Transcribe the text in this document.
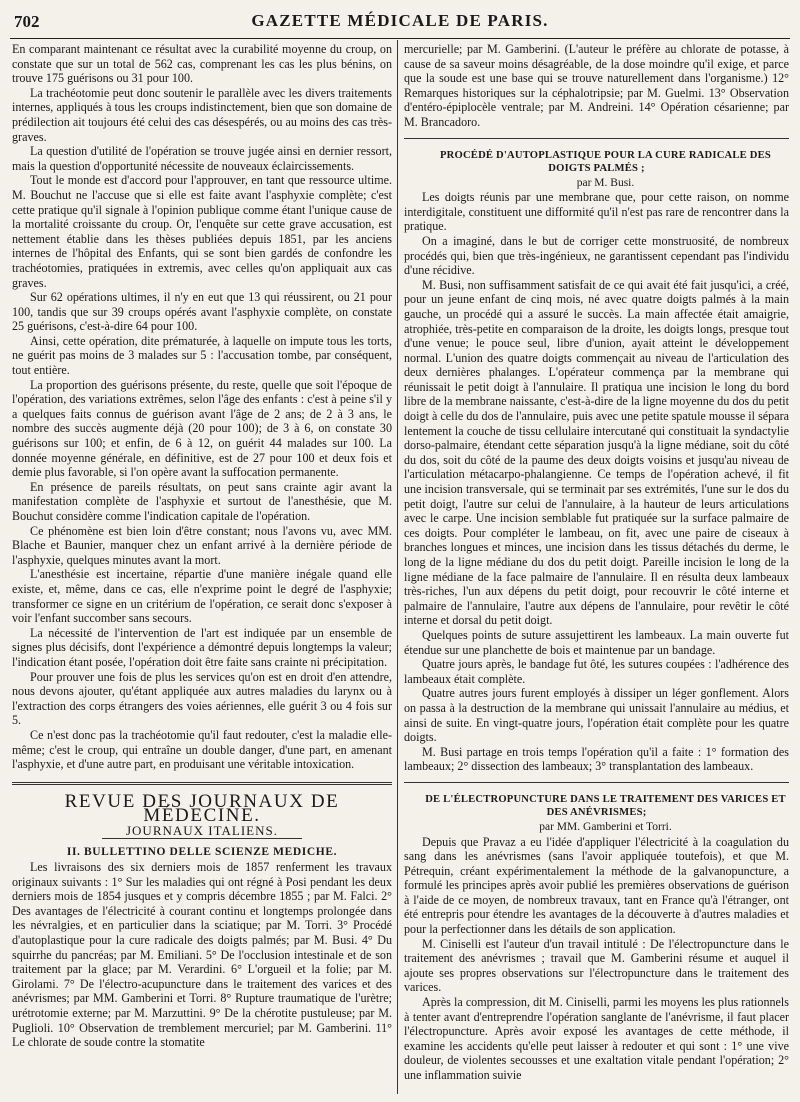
702	GAZETTE MÉDICALE DE PARIS.

En comparant maintenant ce résultat avec la curabilité moyenne du croup, on constate que sur un total de 562 cas, comprenant les cas les plus bénins, on trouve 175 guérisons ou 31 pour 100.

La trachéotomie peut donc soutenir le parallèle avec les divers traitements internes, appliqués à tous les croups indistinctement, bien que son domaine de prédilection ait toujours été celui des cas désespérés, ou au moins des cas très-graves.

La question d'utilité de l'opération se trouve jugée ainsi en dernier ressort, mais la question d'opportunité nécessite de nouveaux éclaircissements.

Tout le monde est d'accord pour l'approuver, en tant que ressource ultime. M. Bouchut ne l'accuse que si elle est faite avant l'asphyxie complète; c'est cette pratique qu'il signale à l'opinion publique comme étant l'unique cause de la mortalité croissante du croup. Or, l'enquête sur cette grave accusation, est nettement établie dans les thèses publiées depuis 1851, par les anciens internes de l'hôpital des Enfants, qui se sont bien gardés de confondre les trachéotomies, pratiquées in extremis, avec celles qu'on appliquait aux cas graves.

Sur 62 opérations ultimes, il n'y en eut que 13 qui réussirent, ou 21 pour 100, tandis que sur 39 croups opérés avant l'asphyxie complète, on constate 25 guérisons, c'est-à-dire 64 pour 100.

Ainsi, cette opération, dite prématurée, à laquelle on impute tous les torts, ne guérit pas moins de 3 malades sur 5 : l'accusation tombe, par conséquent, tout entière.

La proportion des guérisons présente, du reste, quelle que soit l'époque de l'opération, des variations extrêmes, selon l'âge des enfants : c'est à peine s'il y a quelques faits connus de guérison avant l'âge de 2 ans; de 2 à 3 ans, le nombre des succès augmente déjà (20 pour 100); de 3 à 6, on constate 30 guérisons sur 100; et enfin, de 6 à 12, on guérit 44 malades sur 100. La donnée moyenne générale, en définitive, est de 27 pour 100 et deux fois et demie plus favorable, si l'on opère avant la suffocation permanente.

En présence de pareils résultats, on peut sans crainte agir avant la manifestation complète de l'asphyxie et surtout de l'anesthésie, que M. Bouchut considère comme l'indication capitale de l'opération.

Ce phénomène est bien loin d'être constant; nous l'avons vu, avec MM. Blache et Baunier, manquer chez un enfant arrivé à la dernière période de l'asphyxie, quelques minutes avant la mort.

L'anesthésie est incertaine, répartie d'une manière inégale quand elle existe, et, même, dans ce cas, elle n'exprime point le degré de l'asphyxie; transformer ce signe en un critérium de l'opération, ce serait donc s'exposer à voir l'enfant succomber sans secours.

La nécessité de l'intervention de l'art est indiquée par un ensemble de signes plus décisifs, dont l'expérience a démontré depuis longtemps la valeur; l'indication étant posée, l'opération doit être faite sans crainte ni précipitation.

Pour prouver une fois de plus les services qu'on est en droit d'en attendre, nous devons ajouter, qu'étant appliquée aux autres maladies du larynx ou à l'extraction des corps étrangers des voies aériennes, elle guérit 3 ou 4 fois sur 5.

Ce n'est donc pas la trachéotomie qu'il faut redouter, c'est la maladie elle-même; c'est le croup, qui entraîne un double danger, d'une part, en amenant l'asphyxie, et d'une autre part, en produisant une véritable intoxication.

REVUE DES JOURNAUX DE MÉDECINE.

JOURNAUX ITALIENS.

II. BULLETTINO DELLE SCIENZE MEDICHE.

Les livraisons des six derniers mois de 1857 renferment les travaux originaux suivants : 1° Sur les maladies qui ont régné à Posi pendant les deux derniers mois de 1854 jusques et y compris décembre 1855 ; par M. Falci. 2° Des avantages de l'électricité à courant continu et longtemps prolongée dans les névralgies, et en particulier dans la sciatique; par M. Torri. 3° Procédé d'autoplastique pour la cure radicale des doigts palmés; par M. Busi. 4° Du squirrhe du pancréas; par M. Emiliani. 5° De l'occlusion intestinale et de son traitement par la glace; par M. Verardini. 6° L'orgueil et la folie; par M. Girolami. 7° De l'électro-acupuncture dans le traitement des varices et des anévrismes; par MM. Gamberini et Torri. 8° Rupture traumatique de l'urètre; urétrotomie externe; par M. Marzuttini. 9° De la chérotite pustuleuse; par M. Puglioli. 10° Observation de tremblement mercuriel; par M. Gamberini. 11° Le chlorate de soude contre la stomatite

mercurielle; par M. Gamberini. (L'auteur le préfère au chlorate de potasse, à cause de sa saveur moins désagréable, de la dose moindre qu'il exige, et parce que la soude est une base qui se trouve naturellement dans l'organisme.) 12° Remarques historiques sur la céphalotripsie; par M. Guelmi. 13° Observation d'entéro-épiplocèle ventrale; par M. Andreini. 14° Opération césarienne; par M. Brancadoro.

PROCÉDÉ D'AUTOPLASTIQUE POUR LA CURE RADICALE DES DOIGTS PALMÉS ;

par M. Busi.

Les doigts réunis par une membrane que, pour cette raison, on nomme interdigitale, constituent une difformité qu'il n'est pas rare de rencontrer dans la pratique.

On a imaginé, dans le but de corriger cette monstruosité, de nombreux procédés qui, bien que très-ingénieux, ne garantissent cependant pas l'individu d'une récidive.

M. Busi, non suffisamment satisfait de ce qui avait été fait jusqu'ici, a créé, pour un jeune enfant de cinq mois, né avec quatre doigts palmés à la main gauche, un procédé qui a assuré le succès. La main affectée était amaigrie, atrophiée, très-petite en comparaison de la droite, les doigts longs, presque tout d'une venue; le pouce seul, libre d'union, ayait atteint le développement normal. L'union des quatre doigts commençait au niveau de l'articulation des deux dernières phalanges. L'opérateur commença par la membrane qui réunissait le petit doigt à l'annulaire. Il pratiqua une incision le long du bord libre de la membrane naissante, c'est-à-dire de la ligne moyenne du dos du petit doigt à celle du dos de l'annulaire, puis avec une petite spatule mousse il sépara lentement la couche de tissu cellulaire intercutané qui constituait la syndactylie dorso-palmaire, étendant cette séparation jusqu'à la ligne médiane, soit du côté du dos, soit du côté de la paume des deux doigts voisins et jusqu'au niveau de l'articulation métacarpo-phalangienne. Ce temps de l'opération achevé, il fit une incision transversale, qui se terminait par ses extrémités, l'une sur le dos du petit doigt, l'autre sur celui de l'annulaire, à la hauteur de leurs articulations avec le carpe. Une incision semblable fut pratiquée sur la surface palmaire de ces doigts. Pour compléter le lambeau, on fit, avec une paire de ciseaux à branches longues et minces, une incision dans les tissus détachés du derme, le long de la ligne médiane du dos du petit doigt. Pareille incision le long de la ligne médiane de la face palmaire de l'annulaire. Il en résulta deux lambeaux très-riches, l'un aux dépens du petit doigt, pour recouvrir le côté interne et palmaire de l'annulaire, l'autre aux dépens de l'annulaire, pour revêtir le côté interne et dorsal du petit doigt.

Quelques points de suture assujettirent les lambeaux. La main ouverte fut étendue sur une planchette de bois et maintenue par un bandage.

Quatre jours après, le bandage fut ôté, les sutures coupées : l'adhérence des lambeaux était complète.

Quatre autres jours furent employés à dissiper un léger gonflement. Alors on passa à la destruction de la membrane qui unissait l'annulaire au médius, et ainsi de suite. En vingt-quatre jours, l'opération était complète pour les quatre doigts.

M. Busi partage en trois temps l'opération qu'il a faite : 1° formation des lambeaux; 2° dissection des lambeaux; 3° transplantation des lambeaux.

DE L'ÉLECTROPUNCTURE DANS LE TRAITEMENT DES VARICES ET DES ANÉVRISMES;

par MM. Gamberini et Torri.

Depuis que Pravaz a eu l'idée d'appliquer l'électricité à la coagulation du sang dans les anévrismes (sans l'avoir appliquée toutefois), et que M. Pétrequin, créant expérimentalement la méthode de la galvanopuncture, a formulé les principes après avoir publié les premières observations de guérison à l'aide de ce moyen, de nombreux travaux, tant en France qu'à l'étranger, ont été entrepris pour étendre les avantages de la découverte à d'autres maladies et pour la perfectionner dans les détails de son application.

M. Ciniselli est l'auteur d'un travail intitulé : De l'électropuncture dans le traitement des anévrismes ; travail que M. Gamberini résume et auquel il ajoute ses propres observations sur l'électropuncture dans le traitement des varices.

Après la compression, dit M. Ciniselli, parmi les moyens les plus rationnels à tenter avant d'entreprendre l'opération sanglante de l'anévrisme, il faut placer l'électropuncture. Après avoir exposé les avantages de cette méthode, il examine les accidents qu'elle peut laisser à redouter et qui sont : 1° une vive douleur, de violentes secousses et une exaltation vitale pendant l'opération; 2° une inflammation suivie
